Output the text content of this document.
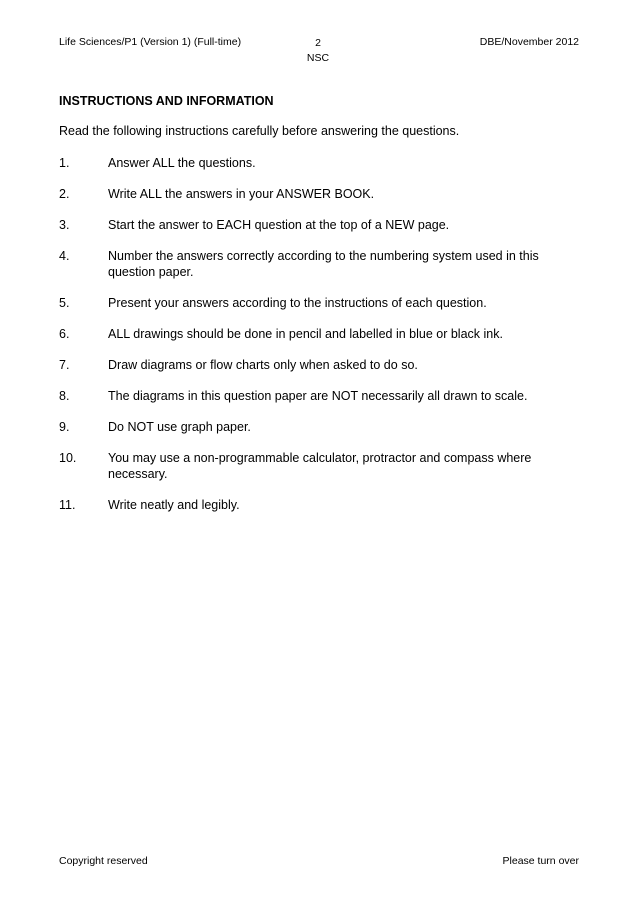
Life Sciences/P1 (Version 1) (Full-time)	2
NSC
DBE/November 2012
INSTRUCTIONS AND INFORMATION
Read the following instructions carefully before answering the questions.
1.	Answer ALL the questions.
2.	Write ALL the answers in your ANSWER BOOK.
3.	Start the answer to EACH question at the top of a NEW page.
4.	Number the answers correctly according to the numbering system used in this question paper.
5.	Present your answers according to the instructions of each question.
6.	ALL drawings should be done in pencil and labelled in blue or black ink.
7.	Draw diagrams or flow charts only when asked to do so.
8.	The diagrams in this question paper are NOT necessarily all drawn to scale.
9.	Do NOT use graph paper.
10.	You may use a non-programmable calculator, protractor and compass where necessary.
11.	Write neatly and legibly.
Copyright reserved	Please turn over
